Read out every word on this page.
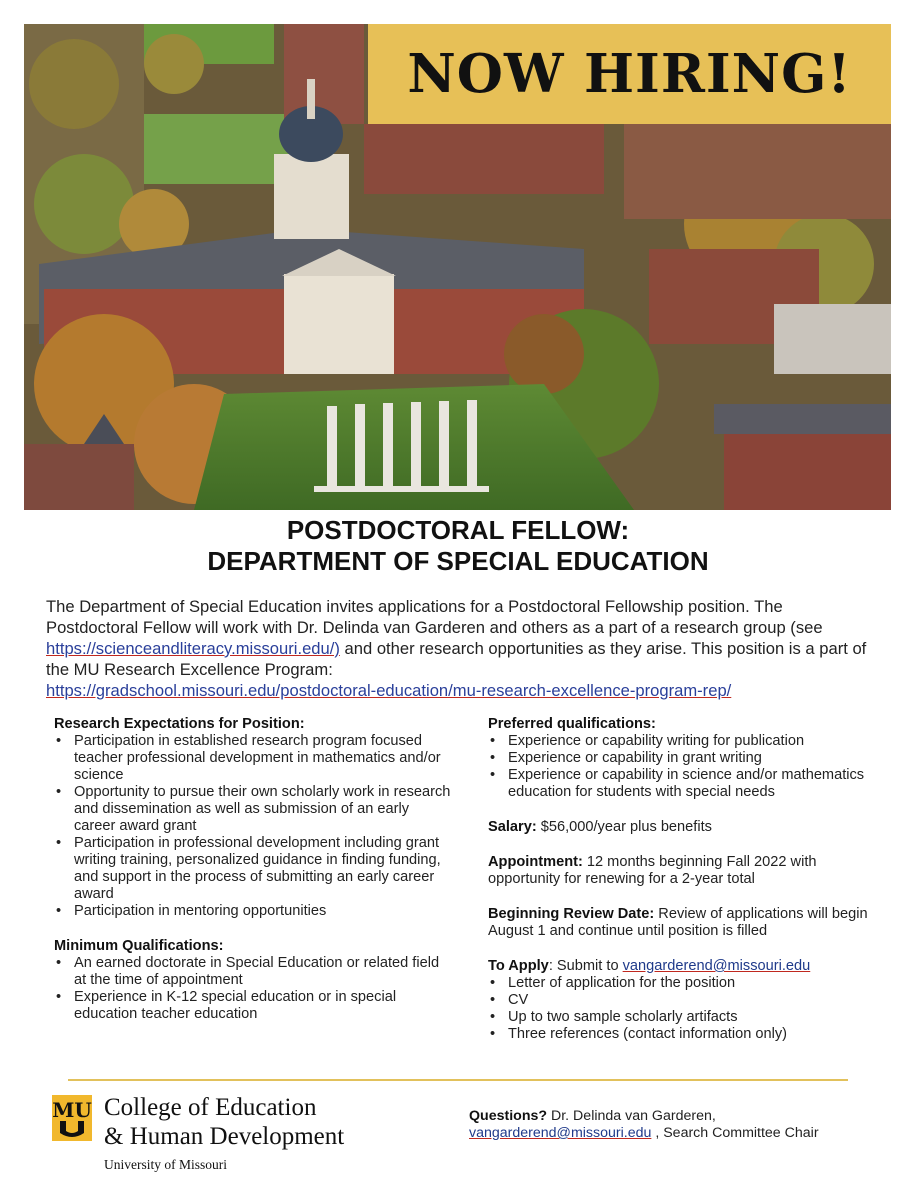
NOW HIRING!
POSTDOCTORAL FELLOW:
DEPARTMENT OF SPECIAL EDUCATION
The Department of Special Education invites applications for a Postdoctoral Fellowship position. The Postdoctoral Fellow will work with Dr. Delinda van Garderen and others as a part of a research group (see https://scienceandliteracy.missouri.edu/) and other research opportunities as they arise. This position is a part of the MU Research Excellence Program:
https://gradschool.missouri.edu/postdoctoral-education/mu-research-excellence-program-rep/
Research Expectations for Position:
• Participation in established research program focused teacher professional development in mathematics and/or science
• Opportunity to pursue their own scholarly work in research and dissemination as well as submission of an early career award grant
• Participation in professional development including grant writing training, personalized guidance in finding funding, and support in the process of submitting an early career award
• Participation in mentoring opportunities
Minimum Qualifications:
• An earned doctorate in Special Education or related field at the time of appointment
• Experience in K-12 special education or in special education teacher education
Preferred qualifications:
• Experience or capability writing for publication
• Experience or capability in grant writing
• Experience or capability in science and/or mathematics education for students with special needs
Salary: $56,000/year plus benefits
Appointment: 12 months beginning Fall 2022 with opportunity for renewing for a 2-year total
Beginning Review Date: Review of applications will begin August 1 and continue until position is filled
To Apply: Submit to vangarderend@missouri.edu
• Letter of application for the position
• CV
• Up to two sample scholarly artifacts
• Three references (contact information only)
MU College of Education
& Human Development
University of Missouri
Questions? Dr. Delinda van Garderen,
vangarderend@missouri.edu , Search Committee Chair
